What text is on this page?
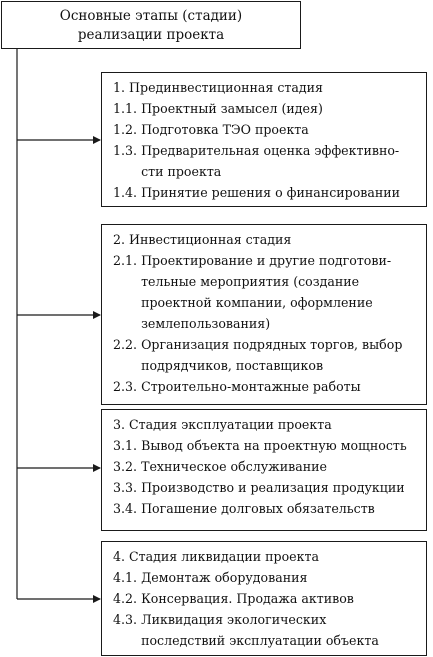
Основные этапы (стадии)
реализации проекта
1. Прединвестиционная стадия
1.1.
Проектный замысел (идея)
1.2.
Подготовка ТЭО проекта
1.3.
Предварительная оценка эффективно-
сти проекта
1.4.
Принятие решения о финансировании
2. Инвестиционная стадия
2.1.
Проектирование и другие подготови-
тельные мероприятия (создание
проектной компании, оформление
землепользования)
2.2.
Организация подрядных торгов, выбор
подрядчиков, поставщиков
2.3.
Строительно-монтажные работы
3. Стадия эксплуатации проекта
3.1.
Вывод объекта на проектную мощность
3.2.
Техническое обслуживание
3.3.
Производство и реализация продукции
3.4.
Погашение долговых обязательств
4. Стадия ликвидации проекта
4.1.
Демонтаж оборудования
4.2.
Консервация. Продажа активов
4.3.
Ликвидация экологических
последствий эксплуатации объекта
